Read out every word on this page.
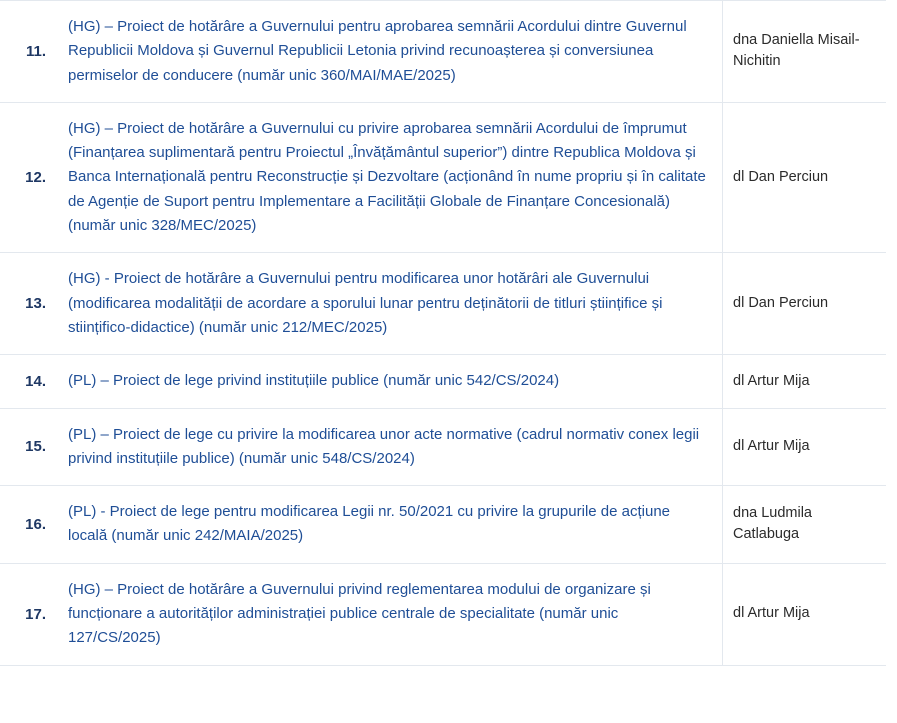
11.	(HG) – Proiect de hotărâre a Guvernului pentru aprobarea semnării Acordului dintre Guvernul Republicii Moldova și Guvernul Republicii Letonia privind recunoașterea și conversiunea permiselor de conducere (număr unic 360/MAI/MAE/2025)	dna Daniella Misail-Nichitin
12.	(HG) – Proiect de hotărâre a Guvernului cu privire aprobarea semnării Acordului de împrumut (Finanțarea suplimentară pentru Proiectul „Învățământul superior”) dintre Republica Moldova și Banca Internațională pentru Reconstrucție și Dezvoltare (acționând în nume propriu și în calitate de Agenție de Suport pentru Implementare a Facilității Globale de Finanțare Concesională) (număr unic 328/MEC/2025)	dl Dan Perciun
13.	(HG) - Proiect de hotărâre a Guvernului pentru modificarea unor hotărâri ale Guvernului (modificarea modalității de acordare a sporului lunar pentru deținătorii de titluri științifice și stiințifico-didactice) (număr unic 212/MEC/2025)	dl Dan Perciun
14.	(PL) – Proiect de lege privind instituțiile publice (număr unic 542/CS/2024)	dl Artur Mija
15.	(PL) – Proiect de lege cu privire la modificarea unor acte normative (cadrul normativ conex legii privind instituțiile publice) (număr unic 548/CS/2024)	dl Artur Mija
16.	(PL) - Proiect de lege pentru modificarea Legii nr. 50/2021 cu privire la grupurile de acțiune locală (număr unic 242/MAIA/2025)	dna Ludmila Catlabuga
17.	(HG) – Proiect de hotărâre a Guvernului privind reglementarea modului de organizare și funcționare a autorităților administrației publice centrale de specialitate (număr unic 127/CS/2025)	dl Artur Mija
